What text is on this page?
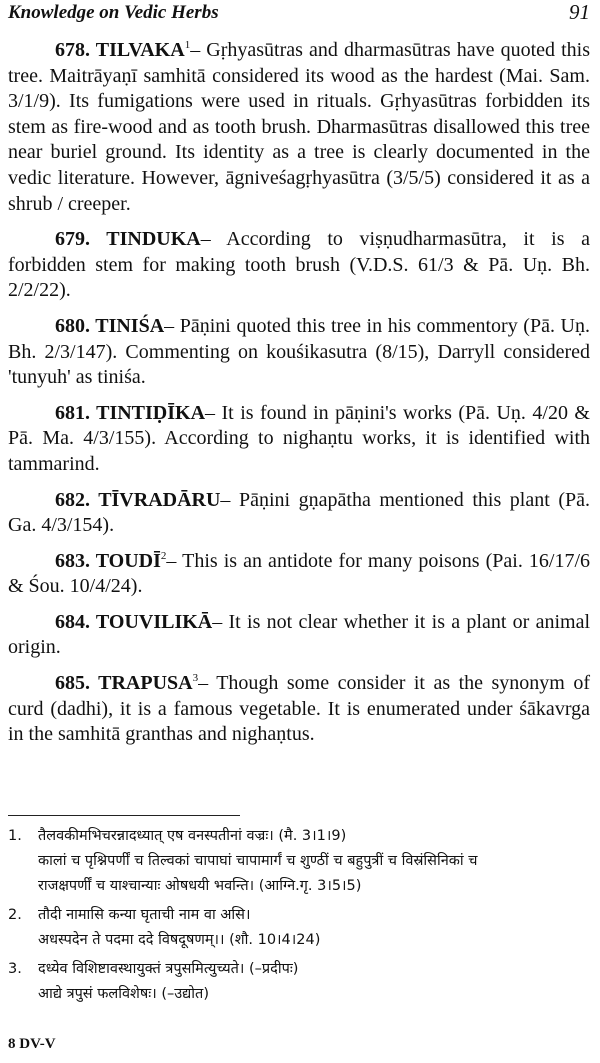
Knowledge on Vedic Herbs	91

678. TILVAKA$^1$– Gṛhyasūtras and dharmasūtras have quoted this tree. Maitrāyaṇī samhitā considered its wood as the hardest (Mai. Sam. 3/1/9). Its fumigations were used in rituals. Gṛhyasūtras forbidden its stem as fire-wood and as tooth brush. Dharmasūtras disallowed this tree near buriel ground. Its identity as a tree is clearly documented in the vedic literature. However, āgniveśagṛhyasūtra (3/5/5) considered it as a shrub / creeper.

679. TINDUKA– According to viṣṇudharmasūtra, it is a forbidden stem for making tooth brush (V.D.S. 61/3 & Pā. Uṇ. Bh. 2/2/22).

680. TINIŚA– Pāṇini quoted this tree in his commentory (Pā. Uṇ. Bh. 2/3/147). Commenting on kouśikasutra (8/15), Darryll considered 'tunyuh' as tiniśa.

681. TINTIḌĪKA– It is found in pāṇini's works (Pā. Uṇ. 4/20 & Pā. Ma. 4/3/155). According to nighaṇtu works, it is identified with tammarind.

682. TĪVRADĀRU– Pāṇini gṇapātha mentioned this plant (Pā. Ga. 4/3/154).

683. TOUDĪ$^2$– This is an antidote for many poisons (Pai. 16/17/6 & Śou. 10/4/24).

684. TOUVILIKĀ– It is not clear whether it is a plant or animal origin.

685. TRAPUSA$^3$– Though some consider it as the synonym of curd (dadhi), it is a famous vegetable. It is enumerated under śākavrga in the samhitā granthas and nighaṇtus.

1. तैलवकीमभिचरन्नादध्यात् एष वनस्पतीनां वज्रः। (मै. 3।1।9)
कालां च पृश्निपर्णीं च तिल्वकां चापाघां चापामार्गं च शुण्ठीं च बहुपुत्रीं च विस्रंसिनिकां च
राजक्षपर्णीं च याश्चान्याः ओषधयी भवन्ति। (आग्नि.गृ. 3।5।5)
2. तौदी नामासि कन्या घृताची नाम वा असि।
अधस्पदेन ते पदमा ददे विषदूषणम्।। (शौ. 10।4।24)
3. दध्येव विशिष्टावस्थायुक्तं त्रपुसमित्युच्यते। (–प्रदीपः)
आद्ये त्रपुसं फलविशेषः। (–उद्योत)
8 DV-V
